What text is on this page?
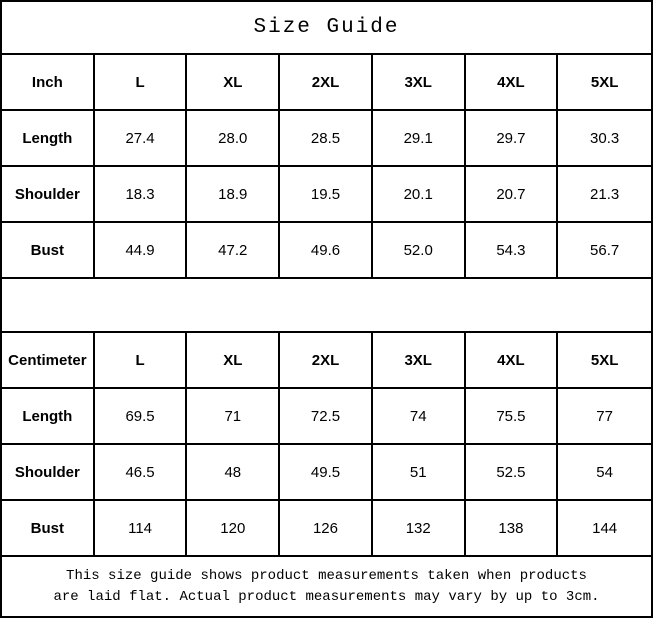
Size Guide
Inch	L	XL	2XL	3XL	4XL	5XL
Length	27.4	28.0	28.5	29.1	29.7	30.3
Shoulder	18.3	18.9	19.5	20.1	20.7	21.3
Bust	44.9	47.2	49.6	52.0	54.3	56.7
Centimeter	L	XL	2XL	3XL	4XL	5XL
Length	69.5	71	72.5	74	75.5	77
Shoulder	46.5	48	49.5	51	52.5	54
Bust	114	120	126	132	138	144
This size guide shows product measurements taken when products
are laid flat. Actual product measurements may vary by up to 3cm.
